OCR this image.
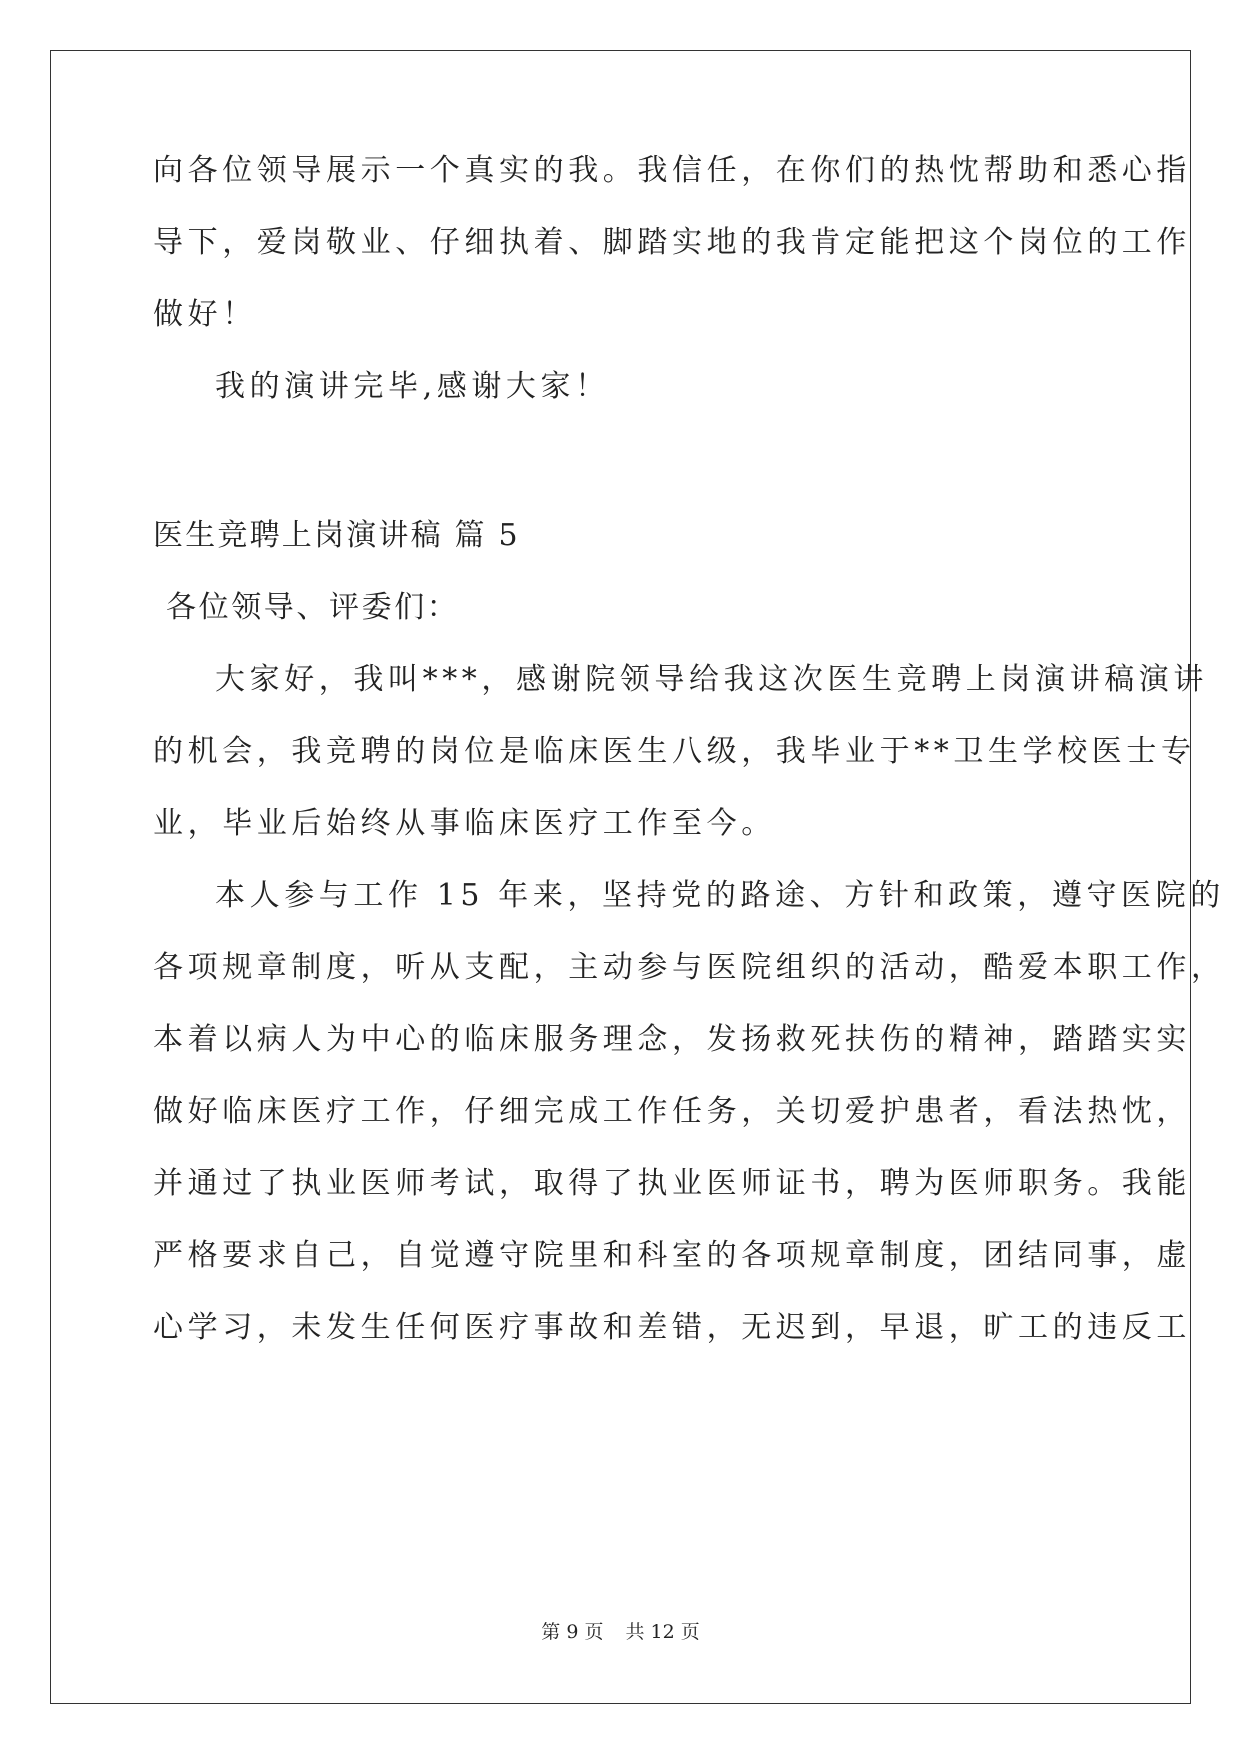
向各位领导展示一个真实的我。我信任，在你们的热忱帮助和悉心指
导下，爱岗敬业、仔细执着、脚踏实地的我肯定能把这个岗位的工作
做好！
我的演讲完毕,感谢大家！
医生竞聘上岗演讲稿 篇 5
各位领导、评委们：
大家好，我叫***，感谢院领导给我这次医生竞聘上岗演讲稿演讲
的机会，我竞聘的岗位是临床医生八级，我毕业于**卫生学校医士专
业，毕业后始终从事临床医疗工作至今。
本人参与工作 15 年来，坚持党的路途、方针和政策，遵守医院的
各项规章制度，听从支配，主动参与医院组织的活动，酷爱本职工作，
本着以病人为中心的临床服务理念，发扬救死扶伤的精神，踏踏实实
做好临床医疗工作，仔细完成工作任务，关切爱护患者，看法热忱，
并通过了执业医师考试，取得了执业医师证书，聘为医师职务。我能
严格要求自己，自觉遵守院里和科室的各项规章制度，团结同事，虚
心学习，未发生任何医疗事故和差错，无迟到，早退，旷工的违反工
第 9 页 共 12 页
